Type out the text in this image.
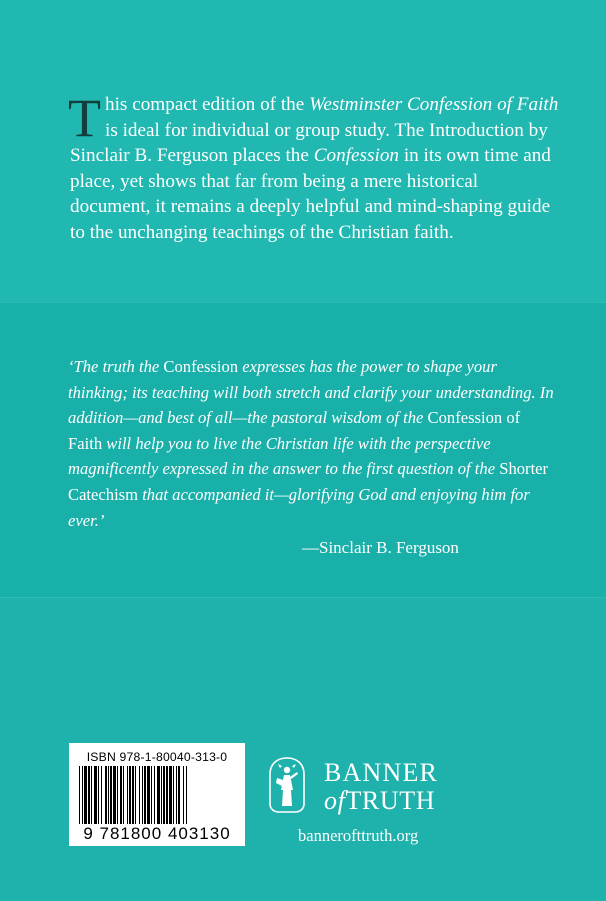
T his compact edition of the Westminster Confession of Faith is ideal for individual or group study. The Introduction by Sinclair B. Ferguson places the Confession in its own time and place, yet shows that far from being a mere historical document, it remains a deeply helpful and mind-shaping guide to the unchanging teachings of the Christian faith.
‘The truth the Confession expresses has the power to shape your thinking; its teaching will both stretch and clarify your understanding. In addition—and best of all—the pastoral wisdom of the Confession of Faith will help you to live the Christian life with the perspective magnificently expressed in the answer to the first question of the Shorter Catechism that accompanied it—glorifying God and enjoying him for ever.’
—Sinclair B. Ferguson
ISBN 978-1-80040-313-0
9 781800 403130
BANNER
ofTRUTH
bannerofttruth.org
